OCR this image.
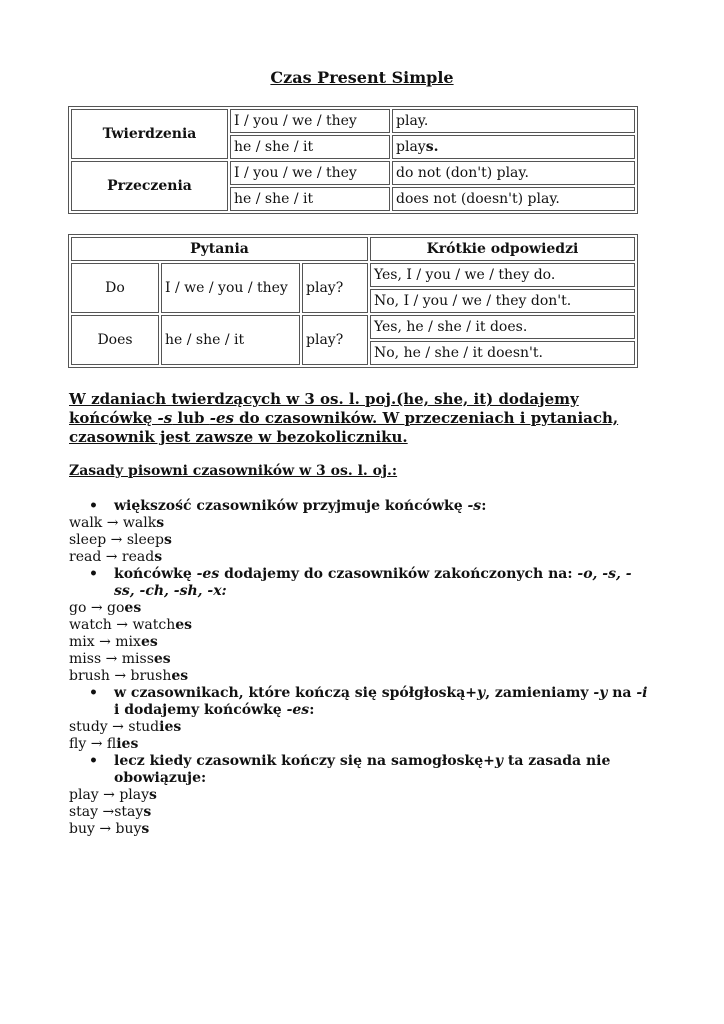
Czas Present Simple
Twierdzenia	I / you / we / they	play.
	he / she / it	plays.
Przeczenia	I / you / we / they	do not (don't) play.
	he / she / it	does not (doesn't) play.
Pytania			Krótkie odpowiedzi
Do	I / we / you / they	play?	Yes, I / you / we / they do.
			No, I / you / we / they don't.
Does	he / she / it	play?	Yes, he / she / it does.
			No, he / she / it doesn't.
W zdaniach twierdzących w 3 os. l. poj.(he, she, it) dodajemy
końcówkę -s lub -es do czasowników. W przeczeniach i pytaniach,
czasownik jest zawsze w bezokoliczniku.
Zasady pisowni czasowników w 3 os. l. oj.:
• większość czasowników przyjmuje końcówkę -s:
walk → walks
sleep → sleeps
read → reads
• końcówkę -es dodajemy do czasowników zakończonych na: -o, -s, -ss, -ch, -sh, -x:
go → goes
watch → watches
mix → mixes
miss → misses
brush → brushes
• w czasownikach, które kończą się spółgłoską+y, zamieniamy -y na -i i dodajemy końcówkę -es:
study → studies
fly → flies
• lecz kiedy czasownik kończy się na samogłoskę+y ta zasada nie obowiązuje:
play → plays
stay →stays
buy → buys
